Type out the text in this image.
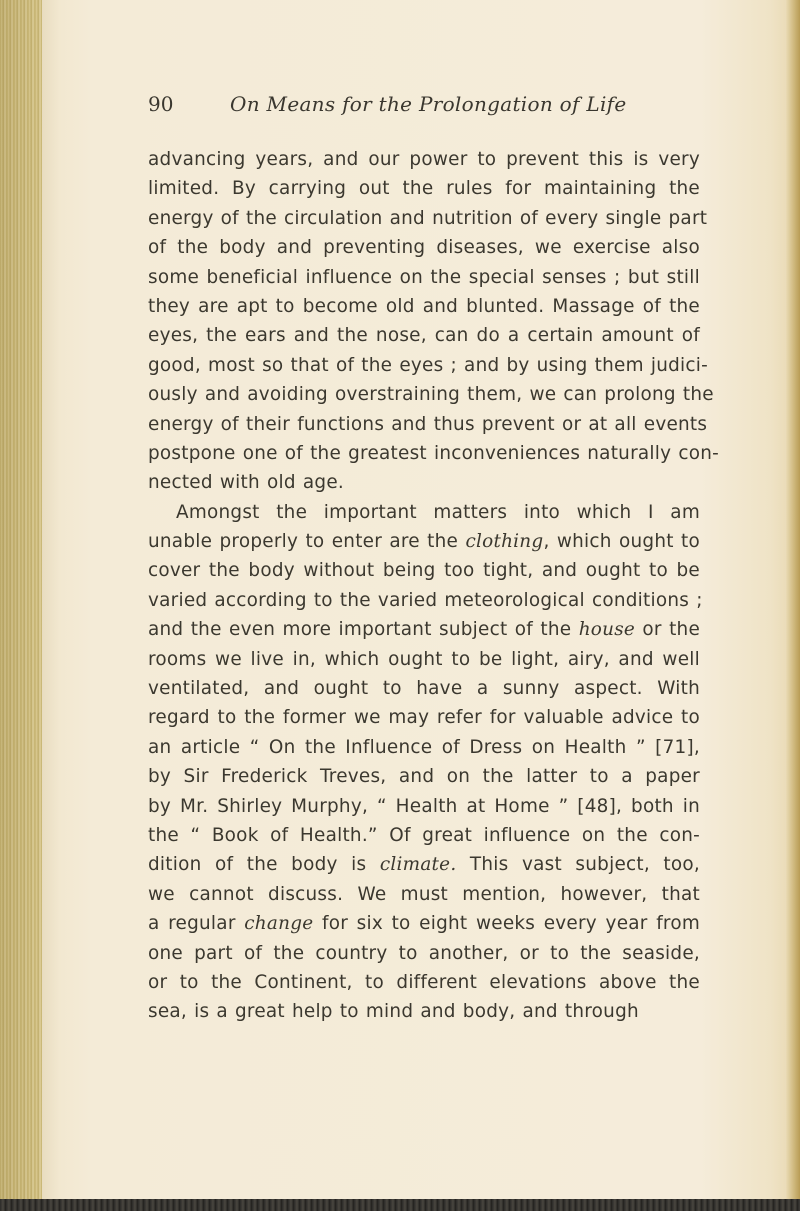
90	On Means for the Prolongation of Life
advancing years, and our power to prevent this is very
limited. By carrying out the rules for maintaining the
energy of the circulation and nutrition of every single part
of the body and preventing diseases, we exercise also
some beneficial influence on the special senses ; but still
they are apt to become old and blunted. Massage of the
eyes, the ears and the nose, can do a certain amount of
good, most so that of the eyes ; and by using them judici-
ously and avoiding overstraining them, we can prolong the
energy of their functions and thus prevent or at all events
postpone one of the greatest inconveniences naturally con-
nected with old age.
Amongst the important matters into which I am
unable properly to enter are the clothing, which ought to
cover the body without being too tight, and ought to be
varied according to the varied meteorological conditions ;
and the even more important subject of the house or the
rooms we live in, which ought to be light, airy, and well
ventilated, and ought to have a sunny aspect. With
regard to the former we may refer for valuable advice to
an article “ On the Influence of Dress on Health ” [71],
by Sir Frederick Treves, and on the latter to a paper
by Mr. Shirley Murphy, “ Health at Home ” [48], both in
the “ Book of Health.” Of great influence on the con-
dition of the body is climate. This vast subject, too,
we cannot discuss. We must mention, however, that
a regular change for six to eight weeks every year from
one part of the country to another, or to the seaside,
or to the Continent, to different elevations above the
sea, is a great help to mind and body, and through
